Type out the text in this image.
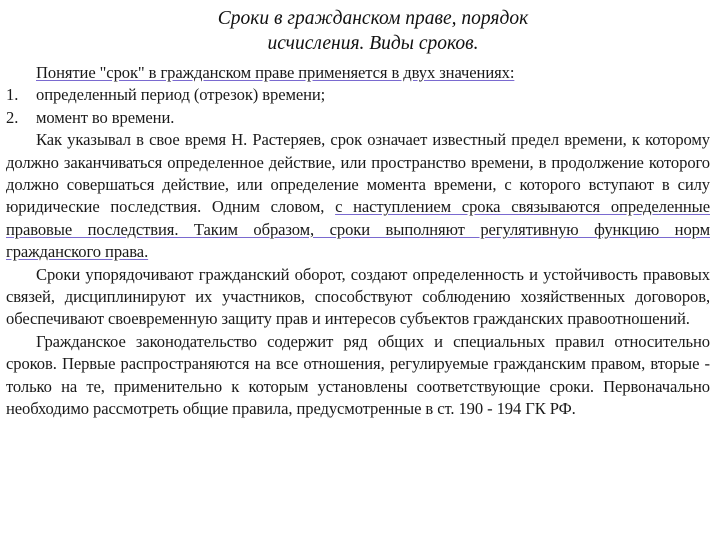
Сроки в гражданском праве, порядок
исчисления. Виды сроков.

Понятие "срок" в гражданском праве применяется в двух значениях:

1.	определенный период (отрезок) времени;
2.	момент во времени.

Как указывал в свое время Н. Растеряев, срок означает известный предел времени, к которому должно заканчиваться определенное действие, или пространство времени, в продолжение которого должно совершаться действие, или определение момента времени, с которого вступают в силу юридические последствия. Одним словом, с наступлением срока связываются определенные правовые последствия. Таким образом, сроки выполняют регулятивную функцию норм гражданского права.

Сроки упорядочивают гражданский оборот, создают определенность и устойчивость правовых связей, дисциплинируют их участников, способствуют соблюдению хозяйственных договоров, обеспечивают своевременную защиту прав и интересов субъектов гражданских правоотношений.

Гражданское законодательство содержит ряд общих и специальных правил относительно сроков. Первые распространяются на все отношения, регулируемые гражданским правом, вторые - только на те, применительно к которым установлены соответствующие сроки. Первоначально необходимо рассмотреть общие правила, предусмотренные в ст. 190 - 194 ГК РФ.
